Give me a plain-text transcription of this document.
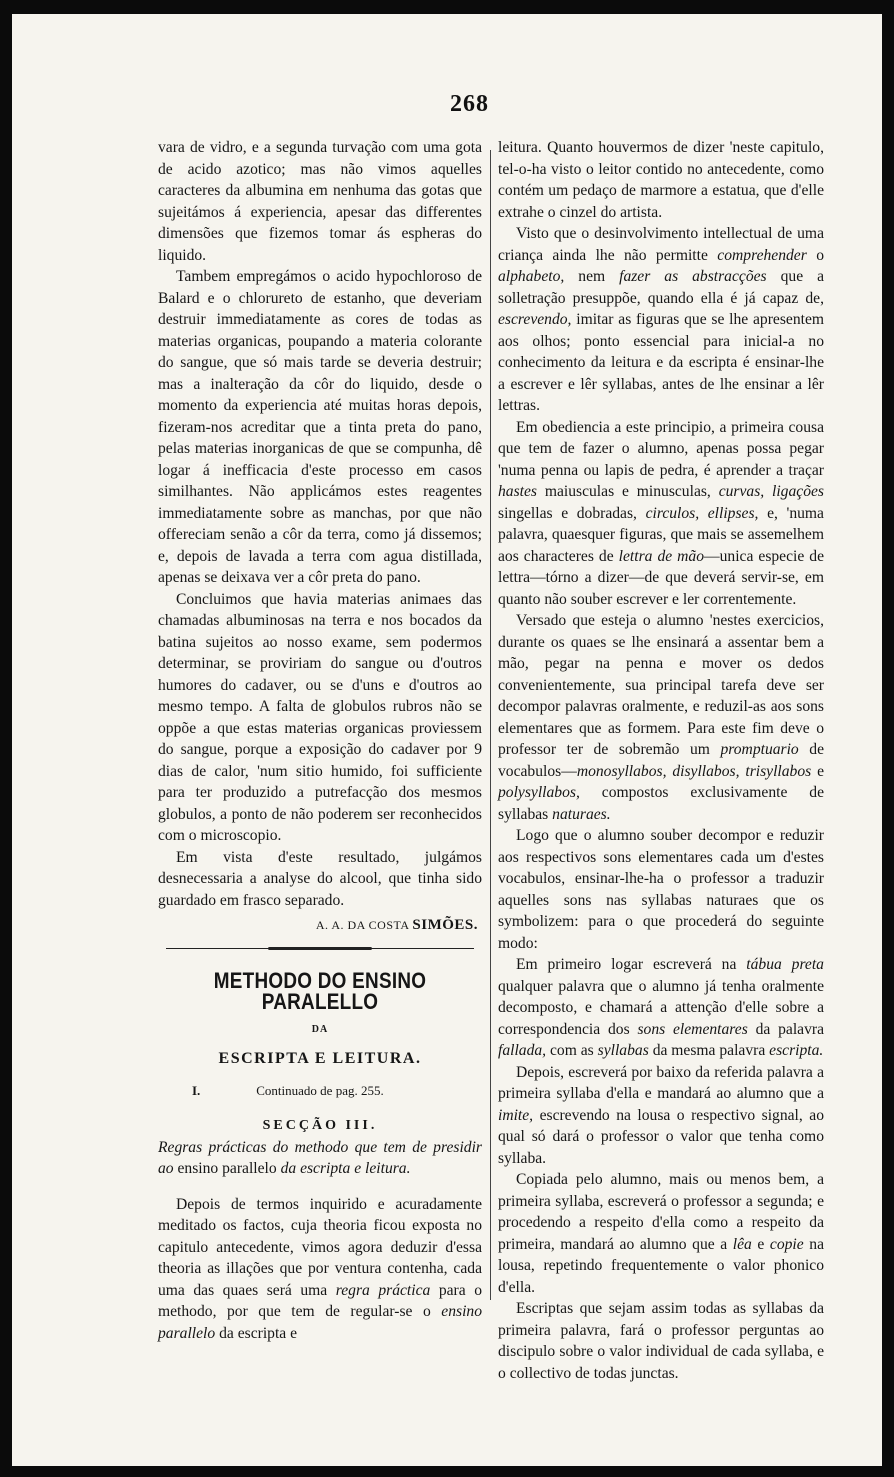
268

vara de vidro, e a segunda turvação com uma gota de acido azotico; mas não vimos aquelles caracteres da albumina em nenhuma das gotas que sujeitámos á experiencia, apesar das differentes dimensões que fizemos tomar ás espheras do liquido.

Tambem empregámos o acido hypochloroso de Balard e o chlorureto de estanho, que deveriam destruir immediatamente as cores de todas as materias organicas, poupando a materia colorante do sangue, que só mais tarde se deveria destruir; mas a inalteração da côr do liquido, desde o momento da experiencia até muitas horas depois, fizeram-nos acreditar que a tinta preta do pano, pelas materias inorganicas de que se compunha, dê logar á inefficacia d'este processo em casos similhantes. Não applicámos estes reagentes immediatamente sobre as manchas, por que não offereciam senão a côr da terra, como já dissemos; e, depois de lavada a terra com agua distillada, apenas se deixava ver a côr preta do pano.

Concluimos que havia materias animaes das chamadas albuminosas na terra e nos bocados da batina sujeitos ao nosso exame, sem podermos determinar, se proviriam do sangue ou d'outros humores do cadaver, ou se d'uns e d'outros ao mesmo tempo. A falta de globulos rubros não se oppõe a que estas materias organicas proviessem do sangue, porque a exposição do cadaver por 9 dias de calor, 'num sitio humido, foi sufficiente para ter produzido a putrefacção dos mesmos globulos, a ponto de não poderem ser reconhecidos com o microscopio.

Em vista d'este resultado, julgámos desnecessaria a analyse do alcool, que tinha sido guardado em frasco separado.

A. A. DA COSTA SIMÕES.
METHODO DO ENSINO PARALELLO
DA
ESCRIPTA E LEITURA.
I.	Continuado de pag. 255.
SECÇÃO III.

Regras prácticas do methodo que tem de presidir ao ensino parallelo da escripta e leitura.

Depois de termos inquirido e acuradamente meditado os factos, cuja theoria ficou exposta no capitulo antecedente, vimos agora deduzir d'essa theoria as illações que por ventura contenha, cada uma das quaes será uma regra práctica para o methodo, por que tem de regular-se o ensino parallelo da escripta e

leitura. Quanto houvermos de dizer 'neste capitulo, tel-o-ha visto o leitor contido no antecedente, como contém um pedaço de marmore a estatua, que d'elle extrahe o cinzel do artista.

Visto que o desinvolvimento intellectual de uma criança ainda lhe não permitte comprehender o alphabeto, nem fazer as abstracções que a solletração presuppõe, quando ella é já capaz de, escrevendo, imitar as figuras que se lhe apresentem aos olhos; ponto essencial para inicial-a no conhecimento da leitura e da escripta é ensinar-lhe a escrever e lêr syllabas, antes de lhe ensinar a lêr lettras.

Em obediencia a este principio, a primeira cousa que tem de fazer o alumno, apenas possa pegar 'numa penna ou lapis de pedra, é aprender a traçar hastes maiusculas e minusculas, curvas, ligações singellas e dobradas, circulos, ellipses, e, 'numa palavra, quaesquer figuras, que mais se assemelhem aos characteres de lettra de mão—unica especie de lettra—tórno a dizer—de que deverá servir-se, em quanto não souber escrever e ler correntemente.

Versado que esteja o alumno 'nestes exercicios, durante os quaes se lhe ensinará a assentar bem a mão, pegar na penna e mover os dedos convenientemente, sua principal tarefa deve ser decompor palavras oralmente, e reduzil-as aos sons elementares que as formem. Para este fim deve o professor ter de sobremão um promptuario de vocabulos—monosyllabos, disyllabos, trisyllabos e polysyllabos, compostos exclusivamente de syllabas naturaes.

Logo que o alumno souber decompor e reduzir aos respectivos sons elementares cada um d'estes vocabulos, ensinar-lhe-ha o professor a traduzir aquelles sons nas syllabas naturaes que os symbolizem: para o que procederá do seguinte modo:

Em primeiro logar escreverá na tábua preta qualquer palavra que o alumno já tenha oralmente decomposto, e chamará a attenção d'elle sobre a correspondencia dos sons elementares da palavra fallada, com as syllabas da mesma palavra escripta.

Depois, escreverá por baixo da referida palavra a primeira syllaba d'ella e mandará ao alumno que a imite, escrevendo na lousa o respectivo signal, ao qual só dará o professor o valor que tenha como syllaba.

Copiada pelo alumno, mais ou menos bem, a primeira syllaba, escreverá o professor a segunda; e procedendo a respeito d'ella como a respeito da primeira, mandará ao alumno que a lêa e copie na lousa, repetindo frequentemente o valor phonico d'ella.

Escriptas que sejam assim todas as syllabas da primeira palavra, fará o professor perguntas ao discipulo sobre o valor individual de cada syllaba, e o collectivo de todas junctas.
